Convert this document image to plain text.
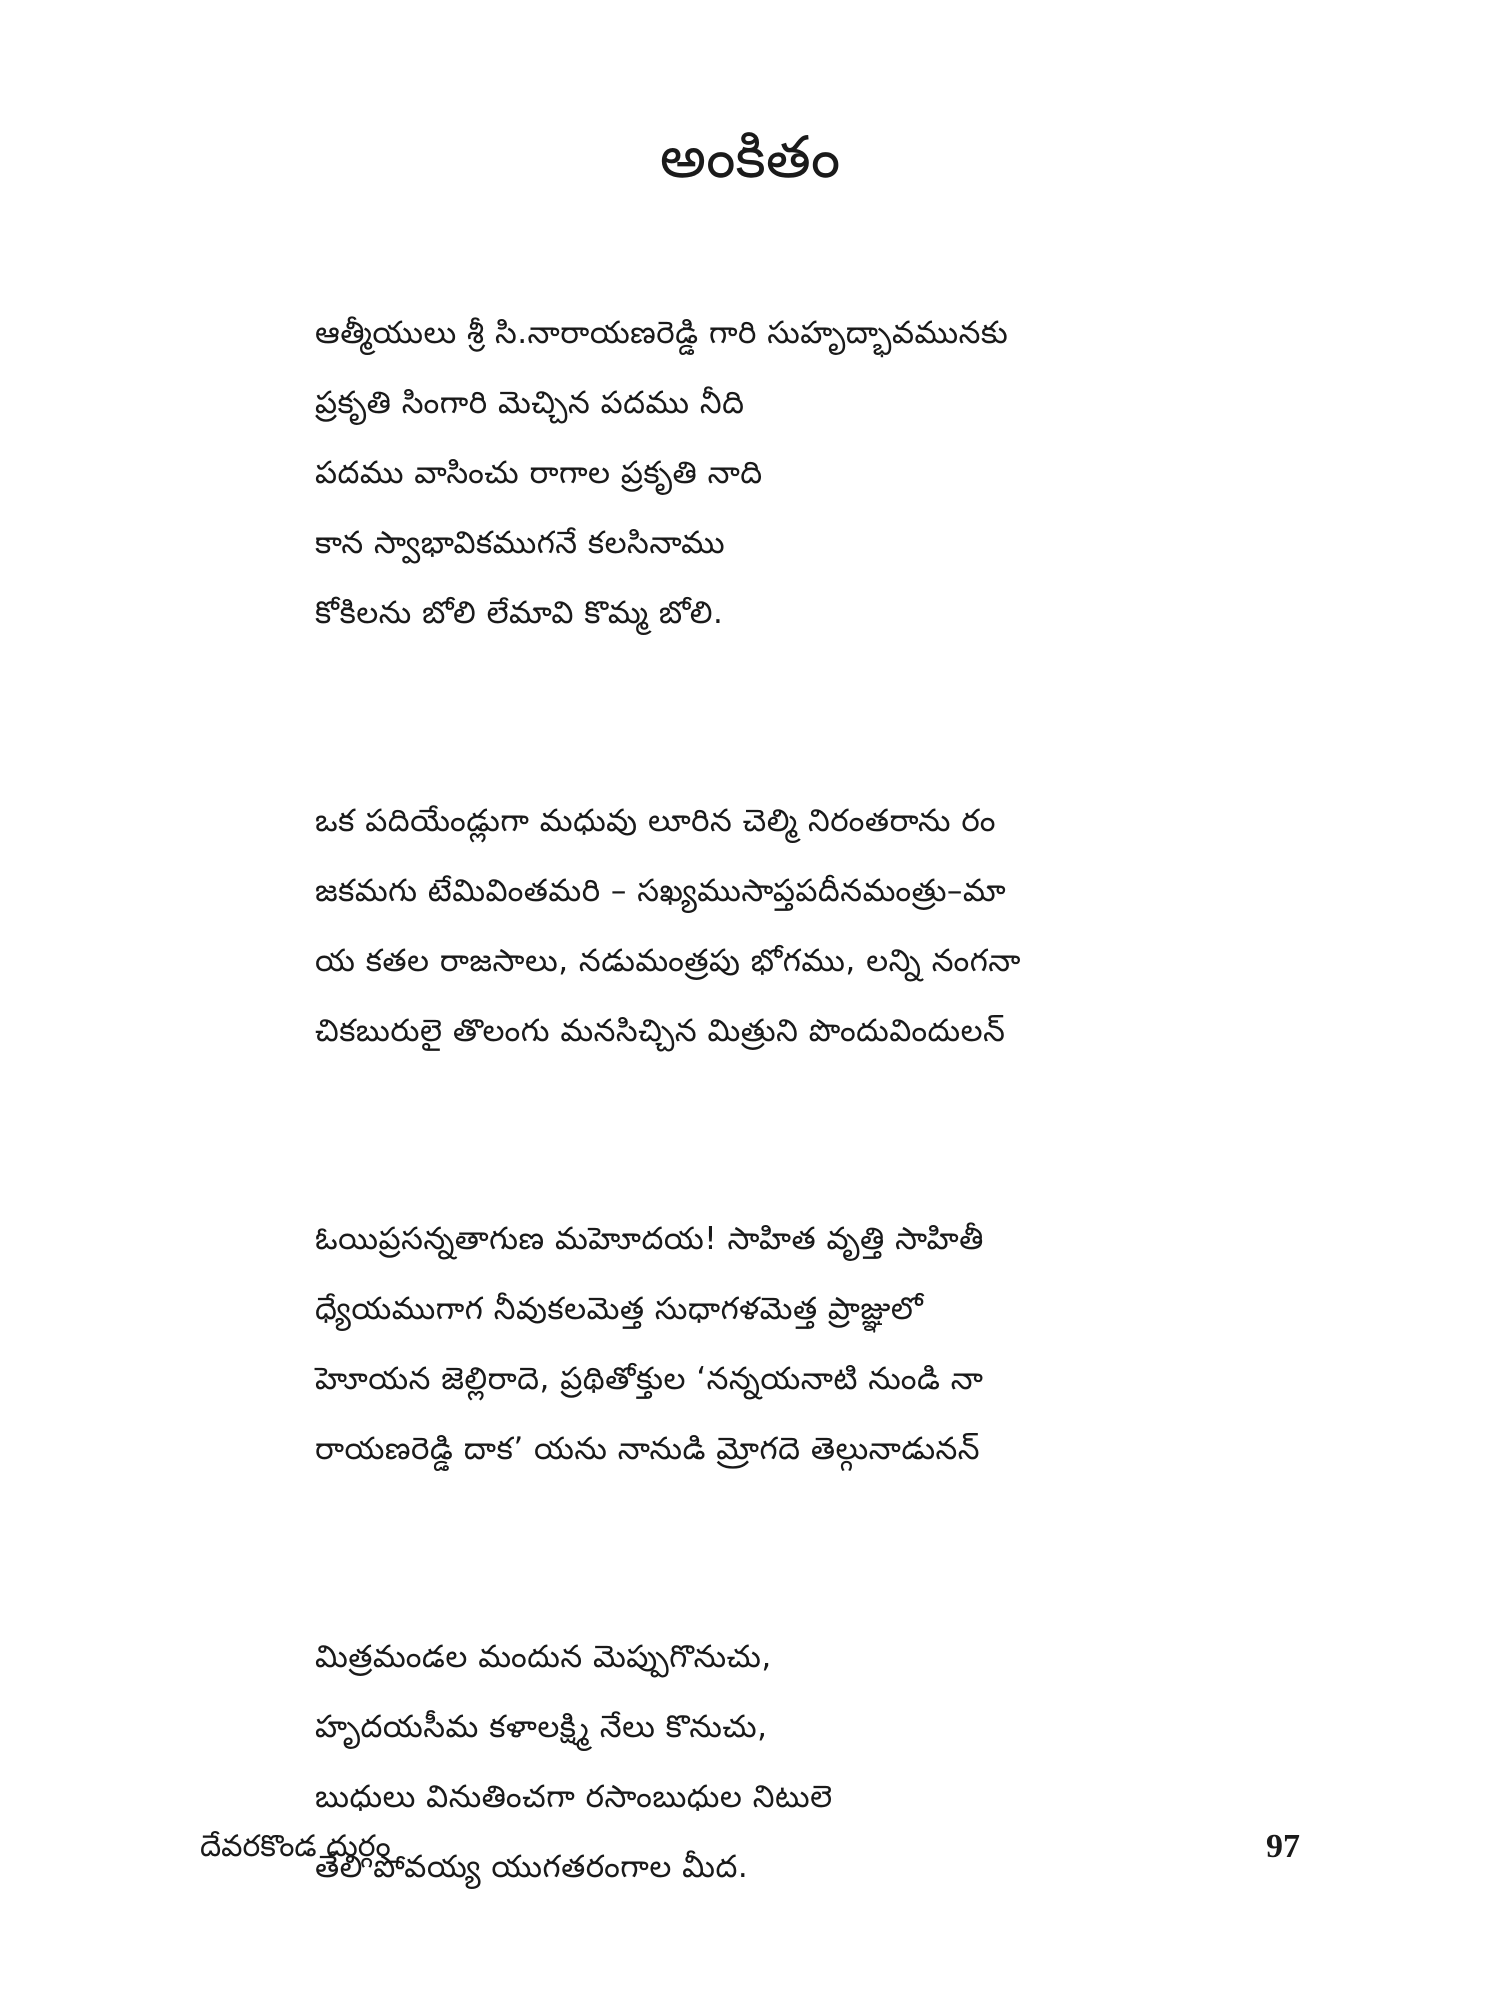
అంకితం
ఆత్మీయులు శ్రీ సి.నారాయణరెడ్డి గారి సుహృద్భావమునకు
ప్రకృతి సింగారి మెచ్చిన పదము నీది
పదము వాసించు రాగాల ప్రకృతి నాది
కాన స్వాభావికముగనే కలసినాము
కోకిలను బోలి లేమావి కొమ్మ బోలి.
ఒక పదియేండ్లుగా మధువు లూరిన చెల్మి నిరంతరాను రం
జకమగు టేమివింతమరి – సఖ్యముసాప్తపదీనమంత్రు–మా
య కతల రాజసాలు, నడుమంత్రపు భోగము, లన్ని నంగనా
చికబురులై తొలంగు మనసిచ్చిన మిత్రుని పొందువిందులన్
ఓయిప్రసన్నతాగుణ మహెూదయ! సాహిత వృత్తి సాహితీ
ధ్యేయముగాగ నీవుకలమెత్త సుధాగళమెత్త ప్రాజ్ఞులో
హెూయన జెల్లిరాదె, ప్రథితోక్తుల ‘నన్నయనాటి నుండి నా
రాయణరెడ్డి దాక’ యను నానుడి మ్రోగదె తెల్గునాడునన్
మిత్రమండల మందున మెప్పుగొనుచు,
హృదయసీమ కళాలక్ష్మి నేలు కొనుచు,
బుధులు వినుతించగా రసాంబుధుల నిటులె
తేలి పోవయ్య యుగతరంగాల మీద.
దేవరకొండ దుర్గం	97
